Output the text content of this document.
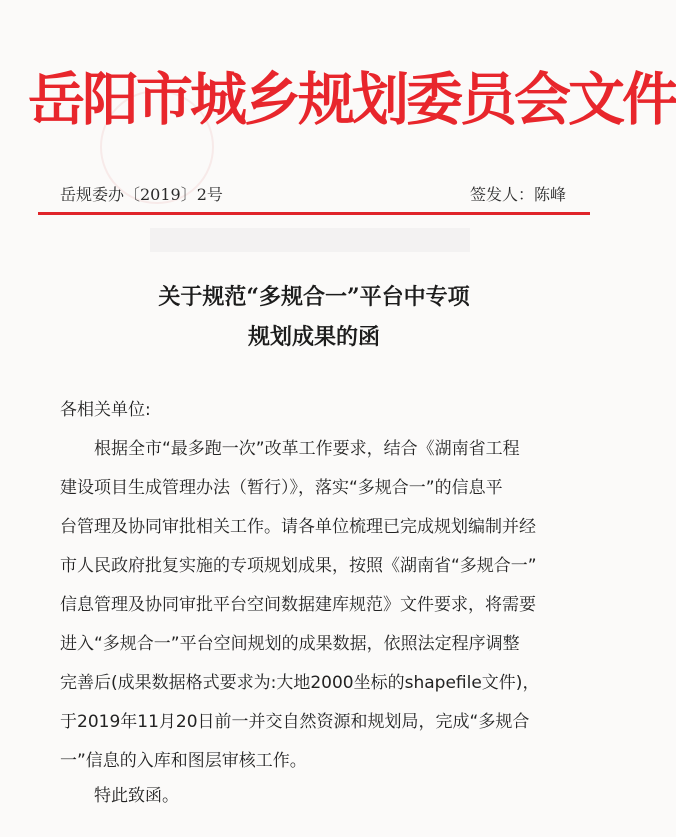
岳阳市城乡规划委员会文件
岳规委办〔2019〕2号	签发人：陈峰
关于规范“多规合一”平台中专项
规划成果的函
各相关单位:
根据全市“最多跑一次”改革工作要求，结合《湖南省工程
建设项目生成管理办法（暂行）》，落实“多规合一”的信息平
台管理及协同审批相关工作。请各单位梳理已完成规划编制并经
市人民政府批复实施的专项规划成果，按照《湖南省“多规合一”
信息管理及协同审批平台空间数据建库规范》文件要求，将需要
进入“多规合一”平台空间规划的成果数据，依照法定程序调整
完善后(成果数据格式要求为:大地2000坐标的shapefile文件)，
于2019年11月20日前一并交自然资源和规划局，完成“多规合
一”信息的入库和图层审核工作。
特此致函。
